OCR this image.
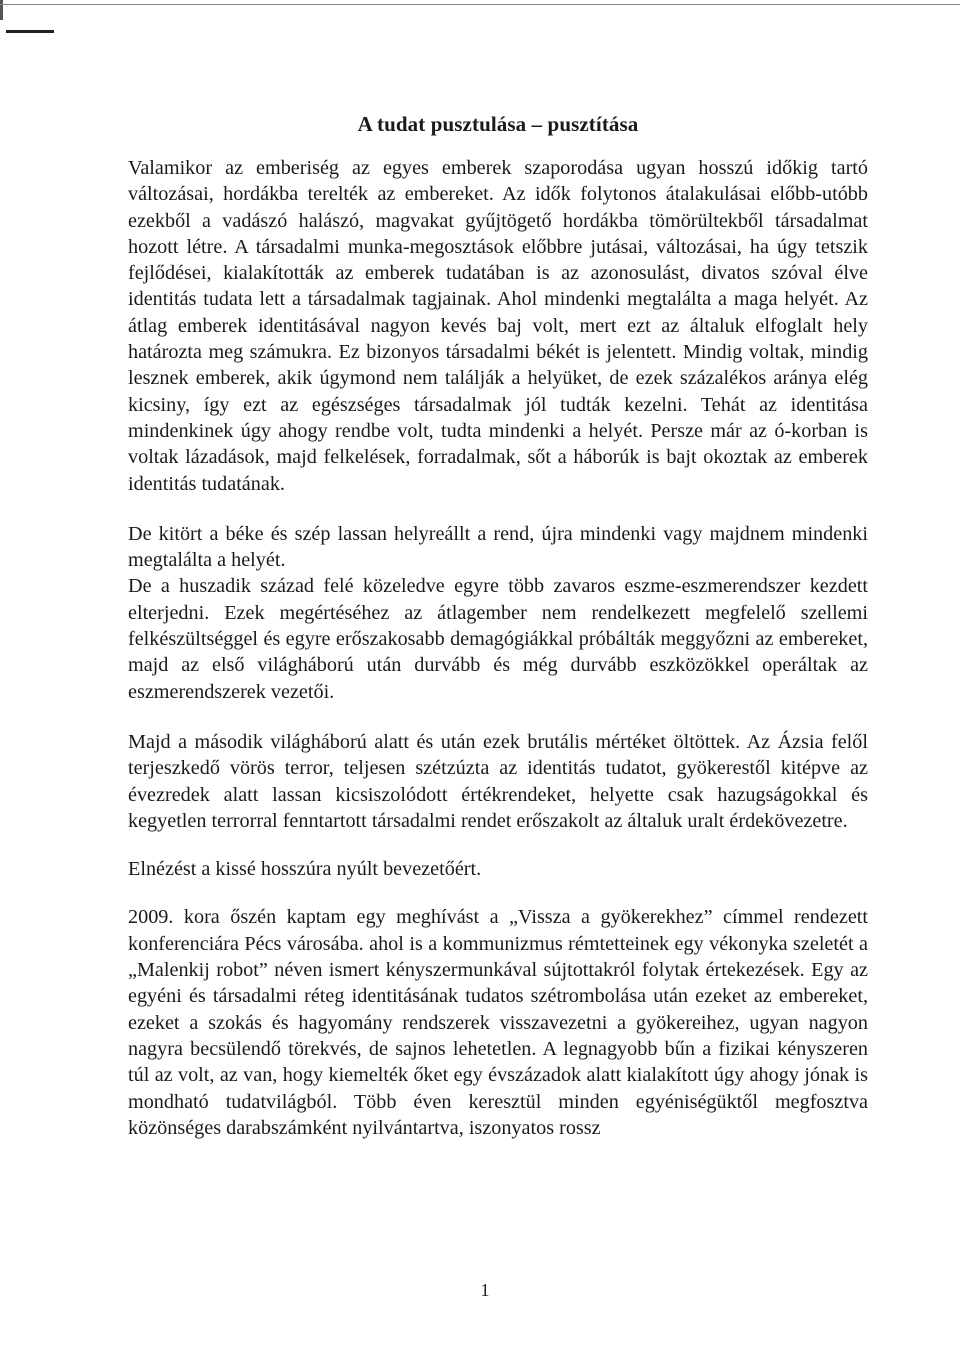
A tudat pusztulása – pusztítása

Valamikor az emberiség az egyes emberek szaporodása ugyan hosszú időkig tartó változásai, hordákba terelték az embereket. Az idők folytonos átalakulásai előbb-utóbb ezekből a vadászó halászó, magvakat gyűjtögető hordákba tömörültekből társadalmat hozott létre. A társadalmi munka-megosztások előbbre jutásai, változásai, ha úgy tetszik fejlődései, kialakították az emberek tudatában is az azonosulást, divatos szóval élve identitás tudata lett a társadalmak tagjainak. Ahol mindenki megtalálta a maga helyét. Az átlag emberek identitásával nagyon kevés baj volt, mert ezt az általuk elfoglalt hely határozta meg számukra. Ez bizonyos társadalmi békét is jelentett. Mindig voltak, mindig lesznek emberek, akik úgymond nem találják a helyüket, de ezek százalékos aránya elég kicsiny, így ezt az egészséges társadalmak jól tudták kezelni. Tehát az identitása mindenkinek úgy ahogy rendbe volt, tudta mindenki a helyét. Persze már az ó-korban is voltak lázadások, majd felkelések, forradalmak, sőt a háborúk is bajt okoztak az emberek identitás tudatának.

De kitört a béke és szép lassan helyreállt a rend, újra mindenki vagy majdnem mindenki megtalálta a helyét.

De a huszadik század felé közeledve egyre több zavaros eszme-eszmerendszer kezdett elterjedni. Ezek megértéséhez az átlagember nem rendelkezett megfelelő szellemi felkészültséggel és egyre erőszakosabb demagógiákkal próbálták meggyőzni az embereket, majd az első világháború után durvább és még durvább eszközökkel operáltak az eszmerendszerek vezetői.

Majd a második világháború alatt és után ezek brutális mértéket öltöttek. Az Ázsia felől terjeszkedő vörös terror, teljesen szétzúzta az identitás tudatot, gyökerestől kitépve az évezredek alatt lassan kicsiszolódott értékrendeket, helyette csak hazugságokkal és kegyetlen terrorral fenntartott társadalmi rendet erőszakolt az általuk uralt érdekövezetre.

Elnézést a kissé hosszúra nyúlt bevezetőért.

2009. kora őszén kaptam egy meghívást a „Vissza a gyökerekhez” címmel rendezett konferenciára Pécs városába. ahol is a kommunizmus rémtetteinek egy vékonyka szeletét a „Malenkij robot” néven ismert kényszermunkával sújtottakról folytak értekezések. Egy az egyéni és társadalmi réteg identitásának tudatos szétrombolása után ezeket az embereket, ezeket a szokás és hagyomány rendszerek visszavezetni a gyökereihez, ugyan nagyon nagyra becsülendő törekvés, de sajnos lehetetlen. A legnagyobb bűn a fizikai kényszeren túl az volt, az van, hogy kiemelték őket egy évszázadok alatt kialakított úgy ahogy jónak is mondható tudatvilágból. Több éven keresztül minden egyéniségüktől megfosztva közönséges darabszámként nyilvántartva, iszonyatos rossz

1
